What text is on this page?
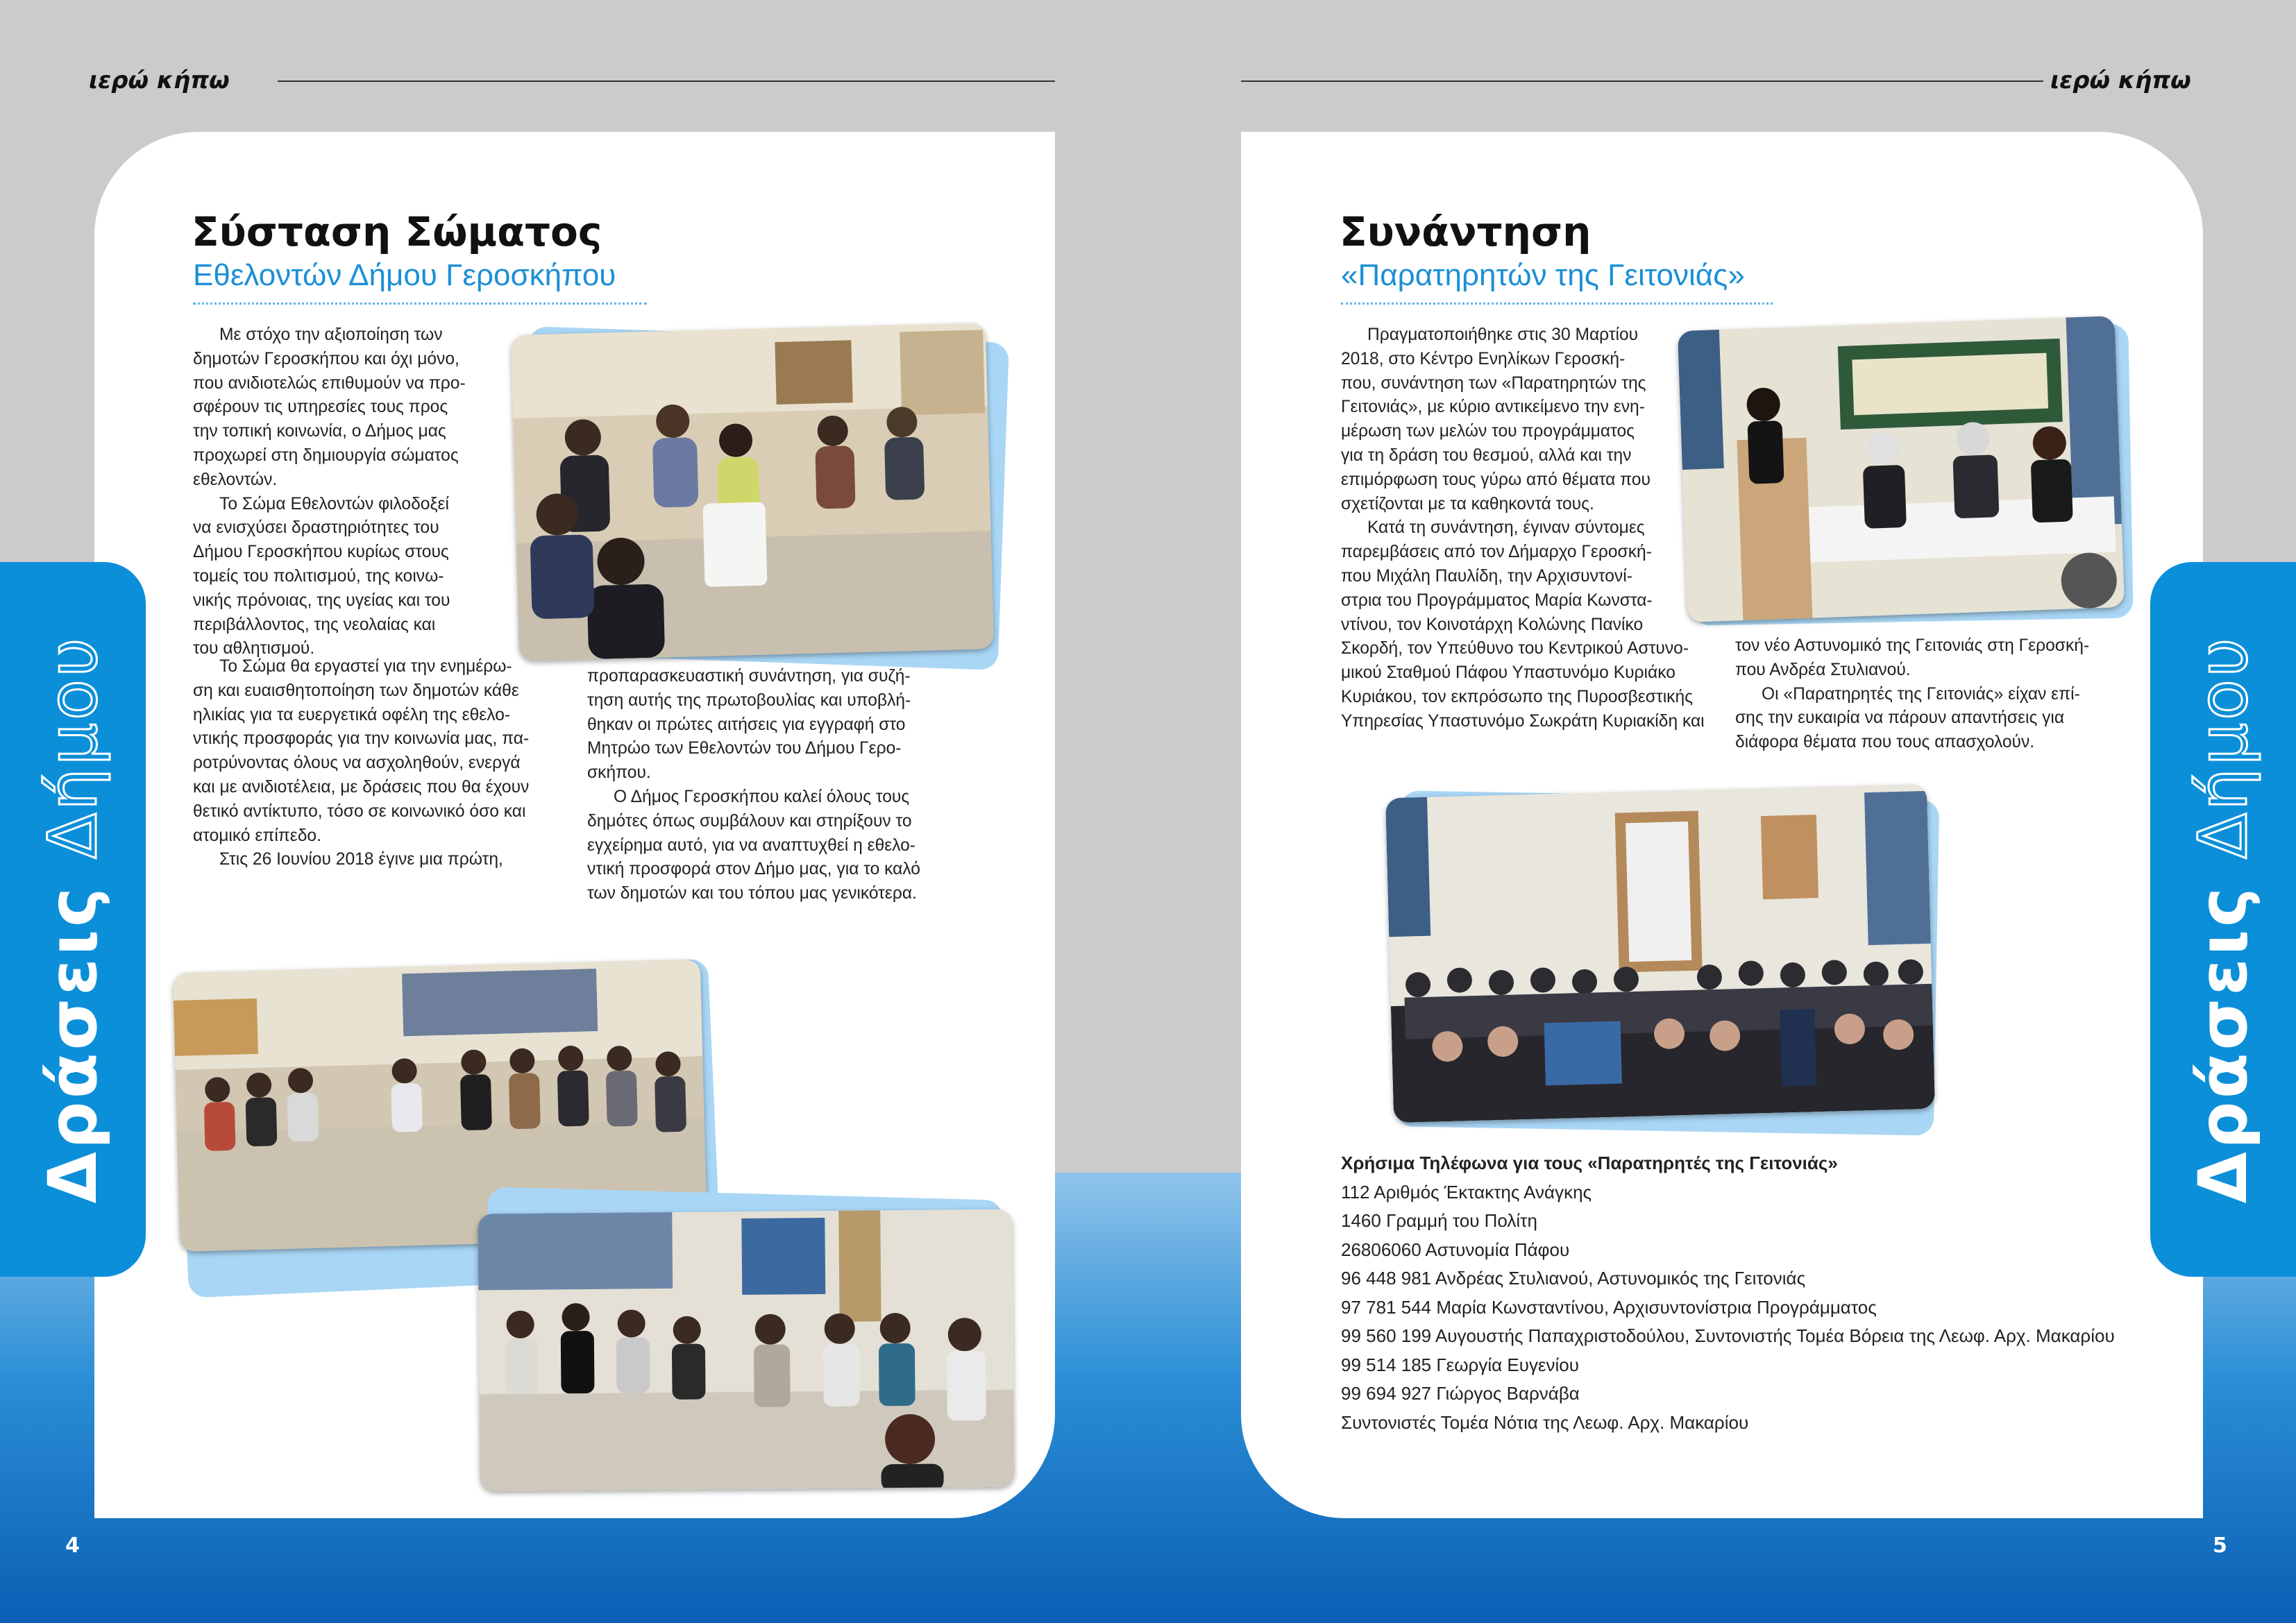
ιερώ κήπω
Δράσεις Δήμου
Σύσταση Σώματος
Εθελοντών Δήμου Γεροσκήπου
Με στόχο την αξιοποίηση των
δημοτών Γεροσκήπου και όχι μόνο,
που ανιδιοτελώς επιθυμούν να προ-
σφέρουν τις υπηρεσίες τους προς
την τοπική κοινωνία, ο Δήμος μας
προχωρεί στη δημιουργία σώματος
εθελοντών.
Το Σώμα Εθελοντών φιλοδοξεί
να ενισχύσει δραστηριότητες του
Δήμου Γεροσκήπου κυρίως στους
τομείς του πολιτισμού, της κοινω-
νικής πρόνοιας, της υγείας και του
περιβάλλοντος, της νεολαίας και
του αθλητισμού.
Το Σώμα θα εργαστεί για την ενημέρω-
ση και ευαισθητοποίηση των δημοτών κάθε
ηλικίας για τα ευεργετικά οφέλη της εθελο-
ντικής προσφοράς για την κοινωνία μας, πα-
ροτρύνοντας όλους να ασχοληθούν, ενεργά
και με ανιδιοτέλεια, με δράσεις που θα έχουν
θετικό αντίκτυπο, τόσο σε κοινωνικό όσο και
ατομικό επίπεδο.
Στις 26 Ιουνίου 2018 έγινε μια πρώτη,
προπαρασκευαστική συνάντηση, για συζή-
τηση αυτής της πρωτοβουλίας και υποβλή-
θηκαν οι πρώτες αιτήσεις για εγγραφή στο
Μητρώο των Εθελοντών του Δήμου Γερο-
σκήπου.
Ο Δήμος Γεροσκήπου καλεί όλους τους
δημότες όπως συμβάλουν και στηρίξουν το
εγχείρημα αυτό, για να αναπτυχθεί η εθελο-
ντική προσφορά στον Δήμο μας, για το καλό
των δημοτών και του τόπου μας γενικότερα.
4
ιερώ κήπω
Δράσεις Δήμου
Συνάντηση
«Παρατηρητών της Γειτονιάς»
Πραγματοποιήθηκε στις 30 Μαρτίου
2018, στο Κέντρο Ενηλίκων Γεροσκή-
που, συνάντηση των «Παρατηρητών της
Γειτονιάς», με κύριο αντικείμενο την ενη-
μέρωση των μελών του προγράμματος
για τη δράση του θεσμού, αλλά και την
επιμόρφωση τους γύρω από θέματα που
σχετίζονται με τα καθηκοντά τους.
Κατά τη συνάντηση, έγιναν σύντομες
παρεμβάσεις από τον Δήμαρχο Γεροσκή-
που Μιχάλη Παυλίδη, την Αρχισυντονί-
στρια του Προγράμματος Μαρία Κωνστα-
ντίνου, τον Κοινοτάρχη Κολώνης Πανίκο
Σκορδή, τον Υπεύθυνο του Κεντρικού Αστυνο-
μικού Σταθμού Πάφου Υπαστυνόμο Κυριάκο
Κυριάκου, τον εκπρόσωπο της Πυροσβεστικής
Υπηρεσίας Υπαστυνόμο Σωκράτη Κυριακίδη και
τον νέο Αστυνομικό της Γειτονιάς στη Γεροσκή-
που Ανδρέα Στυλιανού.
Οι «Παρατηρητές της Γειτονιάς» είχαν επί-
σης την ευκαιρία να πάρουν απαντήσεις για
διάφορα θέματα που τους απασχολούν.
Χρήσιμα Τηλέφωνα για τους «Παρατηρητές της Γειτονιάς»
112 Αριθμός Έκτακτης Ανάγκης
1460 Γραμμή του Πολίτη
26806060 Αστυνομία Πάφου
96 448 981 Ανδρέας Στυλιανού, Αστυνομικός της Γειτονιάς
97 781 544 Μαρία Κωνσταντίνου, Αρχισυντονίστρια Προγράμματος
99 560 199 Αυγουστής Παπαχριστοδούλου, Συντονιστής Τομέα Βόρεια της Λεωφ. Αρχ. Μακαρίου
99 514 185 Γεωργία Ευγενίου
99 694 927 Γιώργος Βαρνάβα
Συντονιστές Τομέα Νότια της Λεωφ. Αρχ. Μακαρίου
5
